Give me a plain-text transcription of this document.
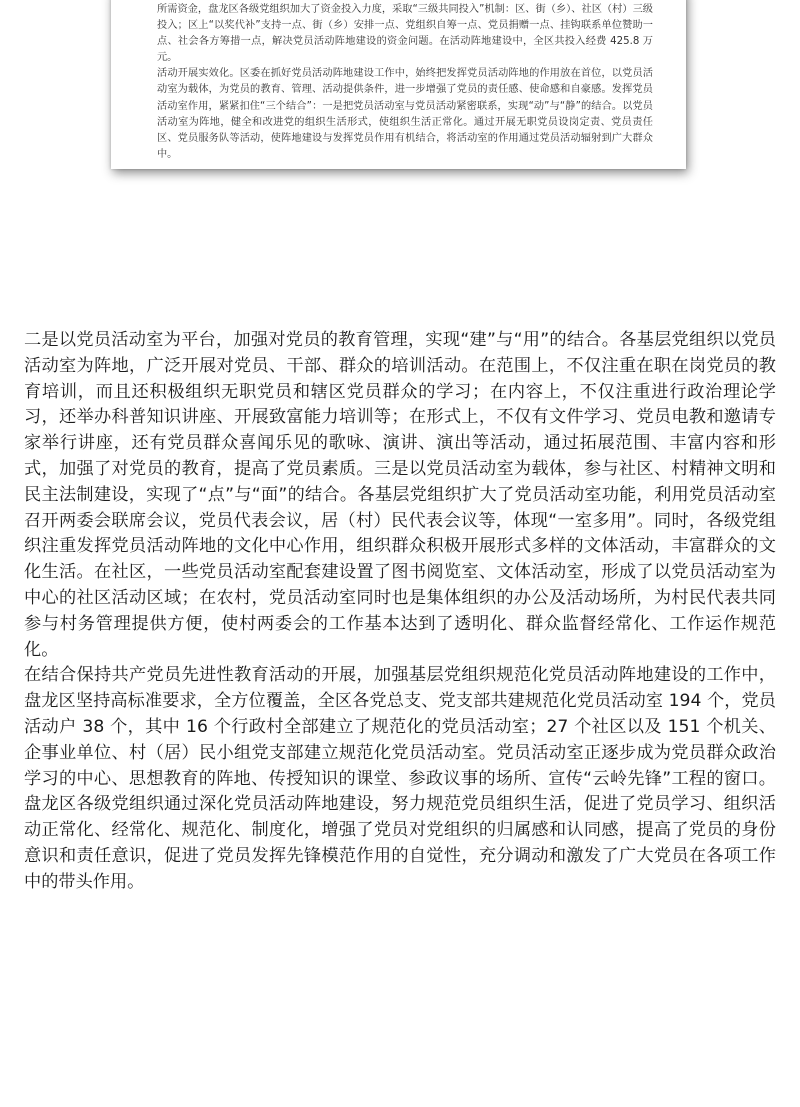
所需资金，盘龙区各级党组织加大了资金投入力度，采取“三级共同投入”机制：区、街（乡）、社区（村）三级投入；区上“以奖代补”支持一点、街（乡）安排一点、党组织自筹一点、党员捐赠一点、挂钩联系单位赞助一点、社会各方筹措一点，解决党员活动阵地建设的资金问题。在活动阵地建设中，全区共投入经费 425.8 万元。

活动开展实效化。区委在抓好党员活动阵地建设工作中，始终把发挥党员活动阵地的作用放在首位，以党员活动室为载体，为党员的教育、管理、活动提供条件，进一步增强了党员的责任感、使命感和自豪感。发挥党员活动室作用，紧紧扣住“三个结合”：一是把党员活动室与党员活动紧密联系，实现“动”与“静”的结合。以党员活动室为阵地，健全和改进党的组织生活形式，使组织生活正常化。通过开展无职党员设岗定责、党员责任区、党员服务队等活动，使阵地建设与发挥党员作用有机结合，将活动室的作用通过党员活动辐射到广大群众中。

二是以党员活动室为平台，加强对党员的教育管理，实现“建”与“用”的结合。各基层党组织以党员活动室为阵地，广泛开展对党员、干部、群众的培训活动。在范围上，不仅注重在职在岗党员的教育培训，而且还积极组织无职党员和辖区党员群众的学习；在内容上，不仅注重进行政治理论学习，还举办科普知识讲座、开展致富能力培训等；在形式上，不仅有文件学习、党员电教和邀请专家举行讲座，还有党员群众喜闻乐见的歌咏、演讲、演出等活动，通过拓展范围、丰富内容和形式，加强了对党员的教育，提高了党员素质。三是以党员活动室为载体，参与社区、村精神文明和民主法制建设，实现了“点”与“面”的结合。各基层党组织扩大了党员活动室功能，利用党员活动室召开两委会联席会议，党员代表会议，居（村）民代表会议等，体现“一室多用”。同时，各级党组织注重发挥党员活动阵地的文化中心作用，组织群众积极开展形式多样的文体活动，丰富群众的文化生活。在社区，一些党员活动室配套建设置了图书阅览室、文体活动室，形成了以党员活动室为中心的社区活动区域；在农村，党员活动室同时也是集体组织的办公及活动场所，为村民代表共同参与村务管理提供方便，使村两委会的工作基本达到了透明化、群众监督经常化、工作运作规范化。

在结合保持共产党员先进性教育活动的开展，加强基层党组织规范化党员活动阵地建设的工作中，盘龙区坚持高标准要求，全方位覆盖，全区各党总支、党支部共建规范化党员活动室 194 个，党员活动户 38 个，其中 16 个行政村全部建立了规范化的党员活动室；27 个社区以及 151 个机关、企事业单位、村（居）民小组党支部建立规范化党员活动室。党员活动室正逐步成为党员群众政治学习的中心、思想教育的阵地、传授知识的课堂、参政议事的场所、宣传“云岭先锋”工程的窗口。盘龙区各级党组织通过深化党员活动阵地建设，努力规范党员组织生活，促进了党员学习、组织活动正常化、经常化、规范化、制度化，增强了党员对党组织的归属感和认同感，提高了党员的身份意识和责任意识，促进了党员发挥先锋模范作用的自觉性，充分调动和激发了广大党员在各项工作中的带头作用。
